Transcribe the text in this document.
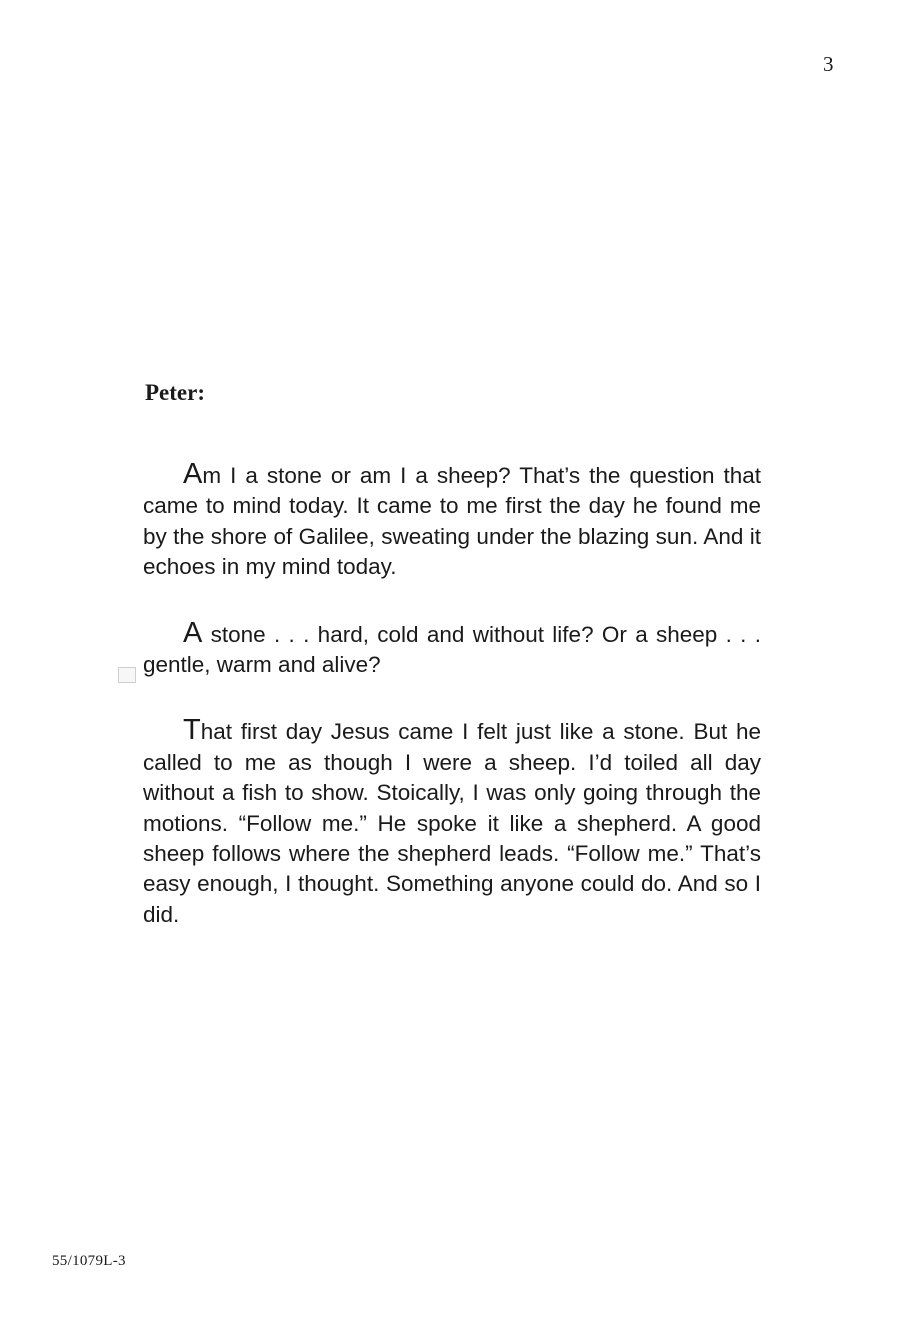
3
Peter:

Am I a stone or am I a sheep? That’s the question that came to mind today. It came to me first the day he found me by the shore of Galilee, sweating under the blazing sun. And it echoes in my mind today.

A stone . . . hard, cold and without life? Or a sheep . . . gentle, warm and alive?

That first day Jesus came I felt just like a stone. But he called to me as though I were a sheep. I’d toiled all day without a fish to show. Stoically, I was only going through the motions. “Follow me.” He spoke it like a shepherd. A good sheep follows where the shepherd leads. “Follow me.” That’s easy enough, I thought. Something anyone could do. And so I did.

55/1079L-3
